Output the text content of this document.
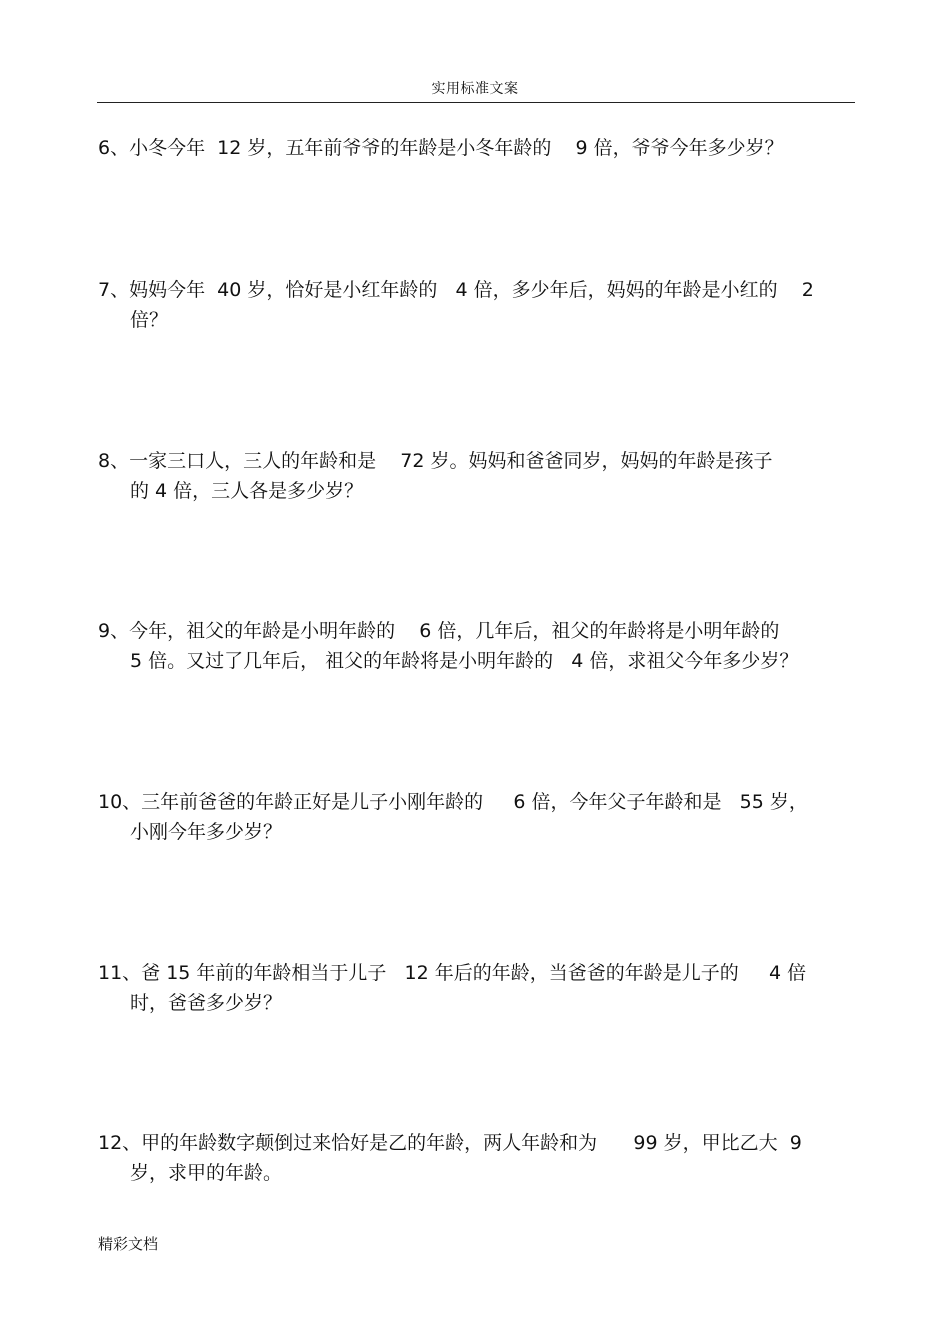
实用标准文案
6、小冬今年  12 岁，五年前爷爷的年龄是小冬年龄的    9 倍，爷爷今年多少岁？
7、妈妈今年  40 岁，恰好是小红年龄的   4 倍，多少年后，妈妈的年龄是小红的    2
倍？
8、一家三口人，三人的年龄和是    72 岁。妈妈和爸爸同岁，妈妈的年龄是孩子
的 4 倍，三人各是多少岁？
9、今年，祖父的年龄是小明年龄的    6 倍，几年后，祖父的年龄将是小明年龄的
5 倍。又过了几年后， 祖父的年龄将是小明年龄的   4 倍，求祖父今年多少岁？
10、三年前爸爸的年龄正好是儿子小刚年龄的     6 倍，今年父子年龄和是   55 岁，
小刚今年多少岁？
11、爸 15 年前的年龄相当于儿子   12 年后的年龄，当爸爸的年龄是儿子的     4 倍
时，爸爸多少岁？
12、甲的年龄数字颠倒过来恰好是乙的年龄，两人年龄和为      99 岁，甲比乙大  9
岁，求甲的年龄。
精彩文档
